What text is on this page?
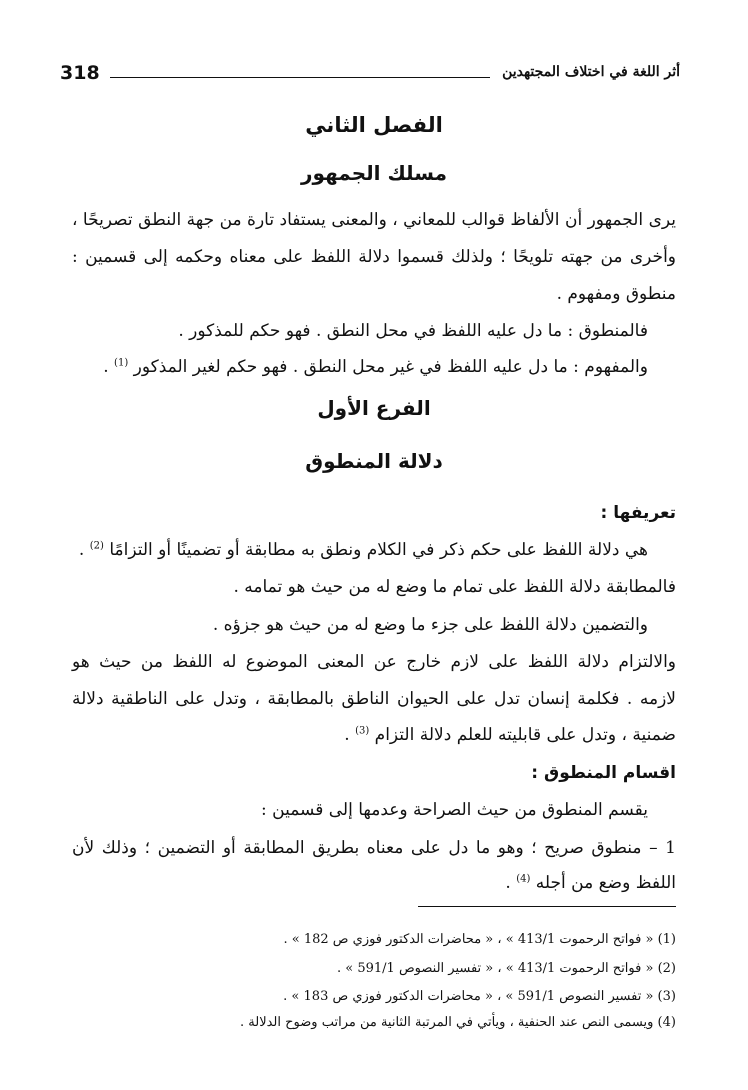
318	أثر اللغة في اختلاف المجتهدين
الفصل الثاني
مسلك الجمهور
يرى الجمهور أن الألفاظ قوالب للمعاني ، والمعنى يستفاد تارة من جهة النطق تصريحًا ،
وأخرى من جهته تلويحًا ؛ ولذلك قسموا دلالة اللفظ على معناه وحكمه إلى قسمين :
منطوق ومفهوم .
فالمنطوق : ما دل عليه اللفظ في محل النطق . فهو حكم للمذكور .
والمفهوم : ما دل عليه اللفظ في غير محل النطق . فهو حكم لغير المذكور $^{(1)}$ .
الفرع الأول
دلالة المنطوق
تعريفها :
هي دلالة اللفظ على حكم ذكر في الكلام ونطق به مطابقة أو تضمينًا أو التزامًا $^{(2)}$ .
فالمطابقة دلالة اللفظ على تمام ما وضع له من حيث هو تمامه .
والتضمين دلالة اللفظ على جزء ما وضع له من حيث هو جزؤه .
والالتزام دلالة اللفظ على لازم خارج عن المعنى الموضوع له اللفظ من حيث هو
لازمه . فكلمة إنسان تدل على الحيوان الناطق بالمطابقة ، وتدل على الناطقية دلالة
ضمنية ، وتدل على قابليته للعلم دلالة التزام $^{(3)}$ .
اقسام المنطوق :
يقسم المنطوق من حيث الصراحة وعدمها إلى قسمين :
1 – منطوق صريح ؛ وهو ما دل على معناه بطريق المطابقة أو التضمين ؛ وذلك لأن
اللفظ وضع من أجله $^{(4)}$ .
(1) « فواتح الرحموت 413/1 » ، « محاضرات الدكتور فوزي ص 182 » .
(2) « فواتح الرحموت 413/1 » ، « تفسير النصوص 591/1 » .
(3) « تفسير النصوص 591/1 » ، « محاضرات الدكتور فوزي ص 183 » .
(4) ويسمى النص عند الحنفية ، ويأتي في المرتبة الثانية من مراتب وضوح الدلالة .
